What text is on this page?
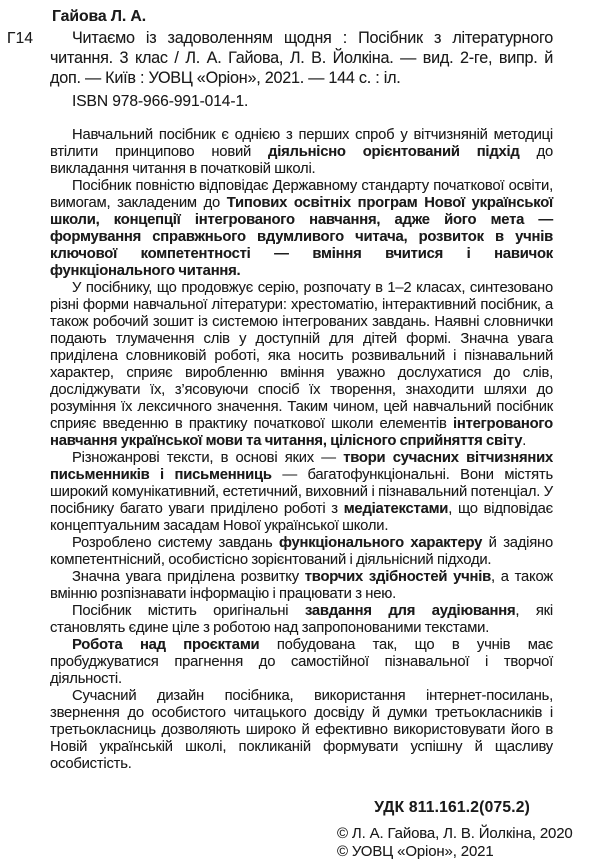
Гайова Л. А.

Г14	Читаємо із задоволенням щодня : Посібник з літературного читання. 3 клас / Л. А. Гайова, Л. В. Йолкіна. — вид. 2-ге, випр. й доп. — Київ : УОВЦ «Оріон», 2021. — 144 с. : іл.

ISBN 978-966-991-014-1.

Навчальний посібник є однією з перших спроб у вітчизняній методиці втілити принципово новий діяльнісно орієнтований підхід до викладання читання в початковій школі.

Посібник повністю відповідає Державному стандарту початкової освіти, вимогам, закладеним до Типових освітніх програм Нової української школи, концепції інтегрованого навчання, адже його мета — формування справжнього вдумливого читача, розвиток в учнів ключової компетентності — вміння вчитися і навичок функціонального читання.

У посібнику, що продовжує серію, розпочату в 1–2 класах, синтезовано різні форми навчальної літератури: хрестоматію, інтерактивний посібник, а також робочий зошит із системою інтегрованих завдань. Наявні словнички подають тлумачення слів у доступній для дітей формі. Значна увага приділена словниковій роботі, яка носить розвивальний і пізнавальний характер, сприяє виробленню вміння уважно дослухатися до слів, досліджувати їх, з’ясовуючи спосіб їх творення, знаходити шляхи до розуміння їх лексичного значення. Таким чином, цей навчальний посібник сприяє введенню в практику початкової школи елементів інтегрованого навчання української мови та читання, цілісного сприйняття світу.

Різножанрові тексти, в основі яких — твори сучасних вітчизняних письменників і письменниць — багатофункціональні. Вони містять широкий комунікативний, естетичний, виховний і пізнавальний потенціал. У посібнику багато уваги приділено роботі з медіатекстами, що відповідає концептуальним засадам Нової української школи.

Розроблено систему завдань функціонального характеру й задіяно компетентнісний, особистісно зорієнтований і діяльнісний підходи.

Значна увага приділена розвитку творчих здібностей учнів, а також вмінню розпізнавати інформацію і працювати з нею.

Посібник містить оригінальні завдання для аудіювання, які становлять єдине ціле з роботою над запропонованими текстами.

Робота над проєктами побудована так, що в учнів має пробуджуватися прагнення до самостійної пізнавальної і творчої діяльності.

Сучасний дизайн посібника, використання інтернет-посилань, звернення до особистого читацького досвіду й думки третьокласників і третьокласниць дозволяють широко й ефективно використовувати його в Новій українській школі, покликаній формувати успішну й щасливу особистість.

УДК 811.161.2(075.2)

© Л. А. Гайова, Л. В. Йолкіна, 2020

© УОВЦ «Оріон», 2021
